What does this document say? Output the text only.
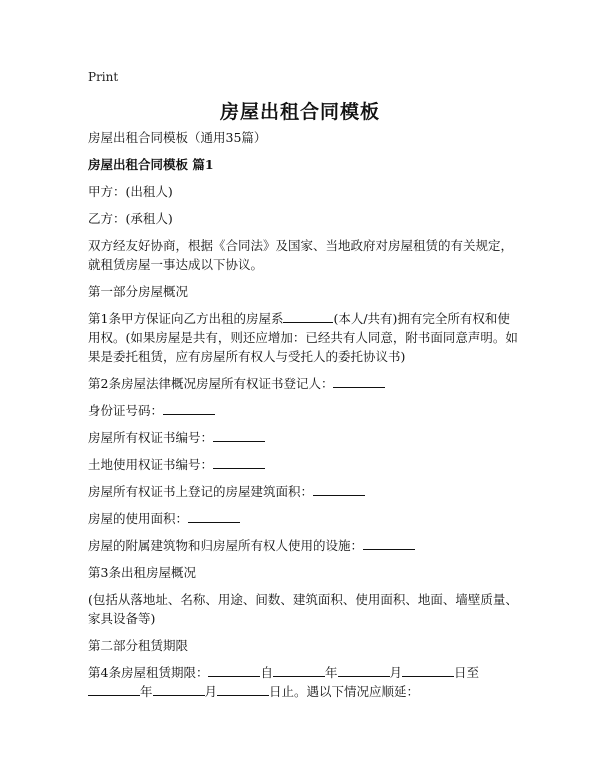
Print
房屋出租合同模板

房屋出租合同模板（通用35篇）

房屋出租合同模板 篇1

甲方：(出租人)

乙方：(承租人)

双方经友好协商，根据《合同法》及国家、当地政府对房屋租赁的有关规定，就租赁房屋一事达成以下协议。

第一部分房屋概况

第1条甲方保证向乙方出租的房屋系	(本人/共有)拥有完全所有权和使用权。(如果房屋是共有，则还应增加：已经共有人同意，附书面同意声明。如果是委托租赁，应有房屋所有权人与受托人的委托协议书)

第2条房屋法律概况房屋所有权证书登记人：

身份证号码：

房屋所有权证书编号：

土地使用权证书编号：

房屋所有权证书上登记的房屋建筑面积：

房屋的使用面积：

房屋的附属建筑物和归房屋所有权人使用的设施：

第3条出租房屋概况

(包括从落地址、名称、用途、间数、建筑面积、使用面积、地面、墙壁质量、家具设备等)

第二部分租赁期限

第4条房屋租赁期限：	自	年	月	日至年	月	日止。遇以下情况应顺延：
